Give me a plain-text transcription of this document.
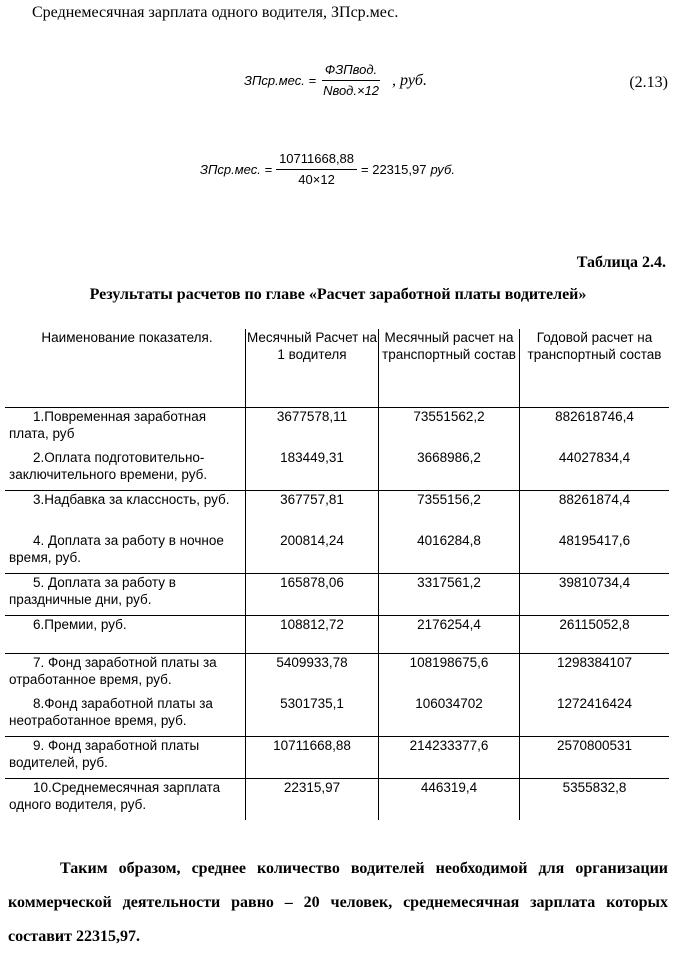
Среднемесячная зарплата одного водителя, ЗПср.мес.
ЗПср.мес. = $\frac{\text{ФЗПвод.}}{\text{Nвод.×12}}$ , руб.	(2.13)
ЗПср.мес. = $\frac{10711668,88}{40\times 12} = 22315,97$ руб.
Таблица 2.4.
Результаты расчетов по главе «Расчет заработной платы водителей»
Наименование показателя.	Месячный Расчет на 1 водителя	Месячный расчет на транспортный состав	Годовой расчет на транспортный состав
1.Повременная заработная плата, руб	3677578,11	73551562,2	882618746,4
2.Оплата подготовительно-заключительного времени, руб.	183449,31	3668986,2	44027834,4
3.Надбавка за классность, руб.	367757,81	7355156,2	88261874,4
4. Доплата за работу в ночное время, руб.	200814,24	4016284,8	48195417,6
5. Доплата за работу в праздничные дни, руб.	165878,06	3317561,2	39810734,4
6.Премии, руб.	108812,72	2176254,4	26115052,8
7. Фонд заработной платы за отработанное время, руб.	5409933,78	108198675,6	1298384107
8.Фонд заработной платы за неотработанное время, руб.	5301735,1	106034702	1272416424
9. Фонд заработной платы водителей, руб.	10711668,88	214233377,6	2570800531
10.Среднемесячная зарплата одного водителя, руб.	22315,97	446319,4	5355832,8
Таким образом, среднее количество водителей необходимой для организации коммерческой деятельности равно – 20 человек, среднемесячная зарплата которых составит 22315,97.
